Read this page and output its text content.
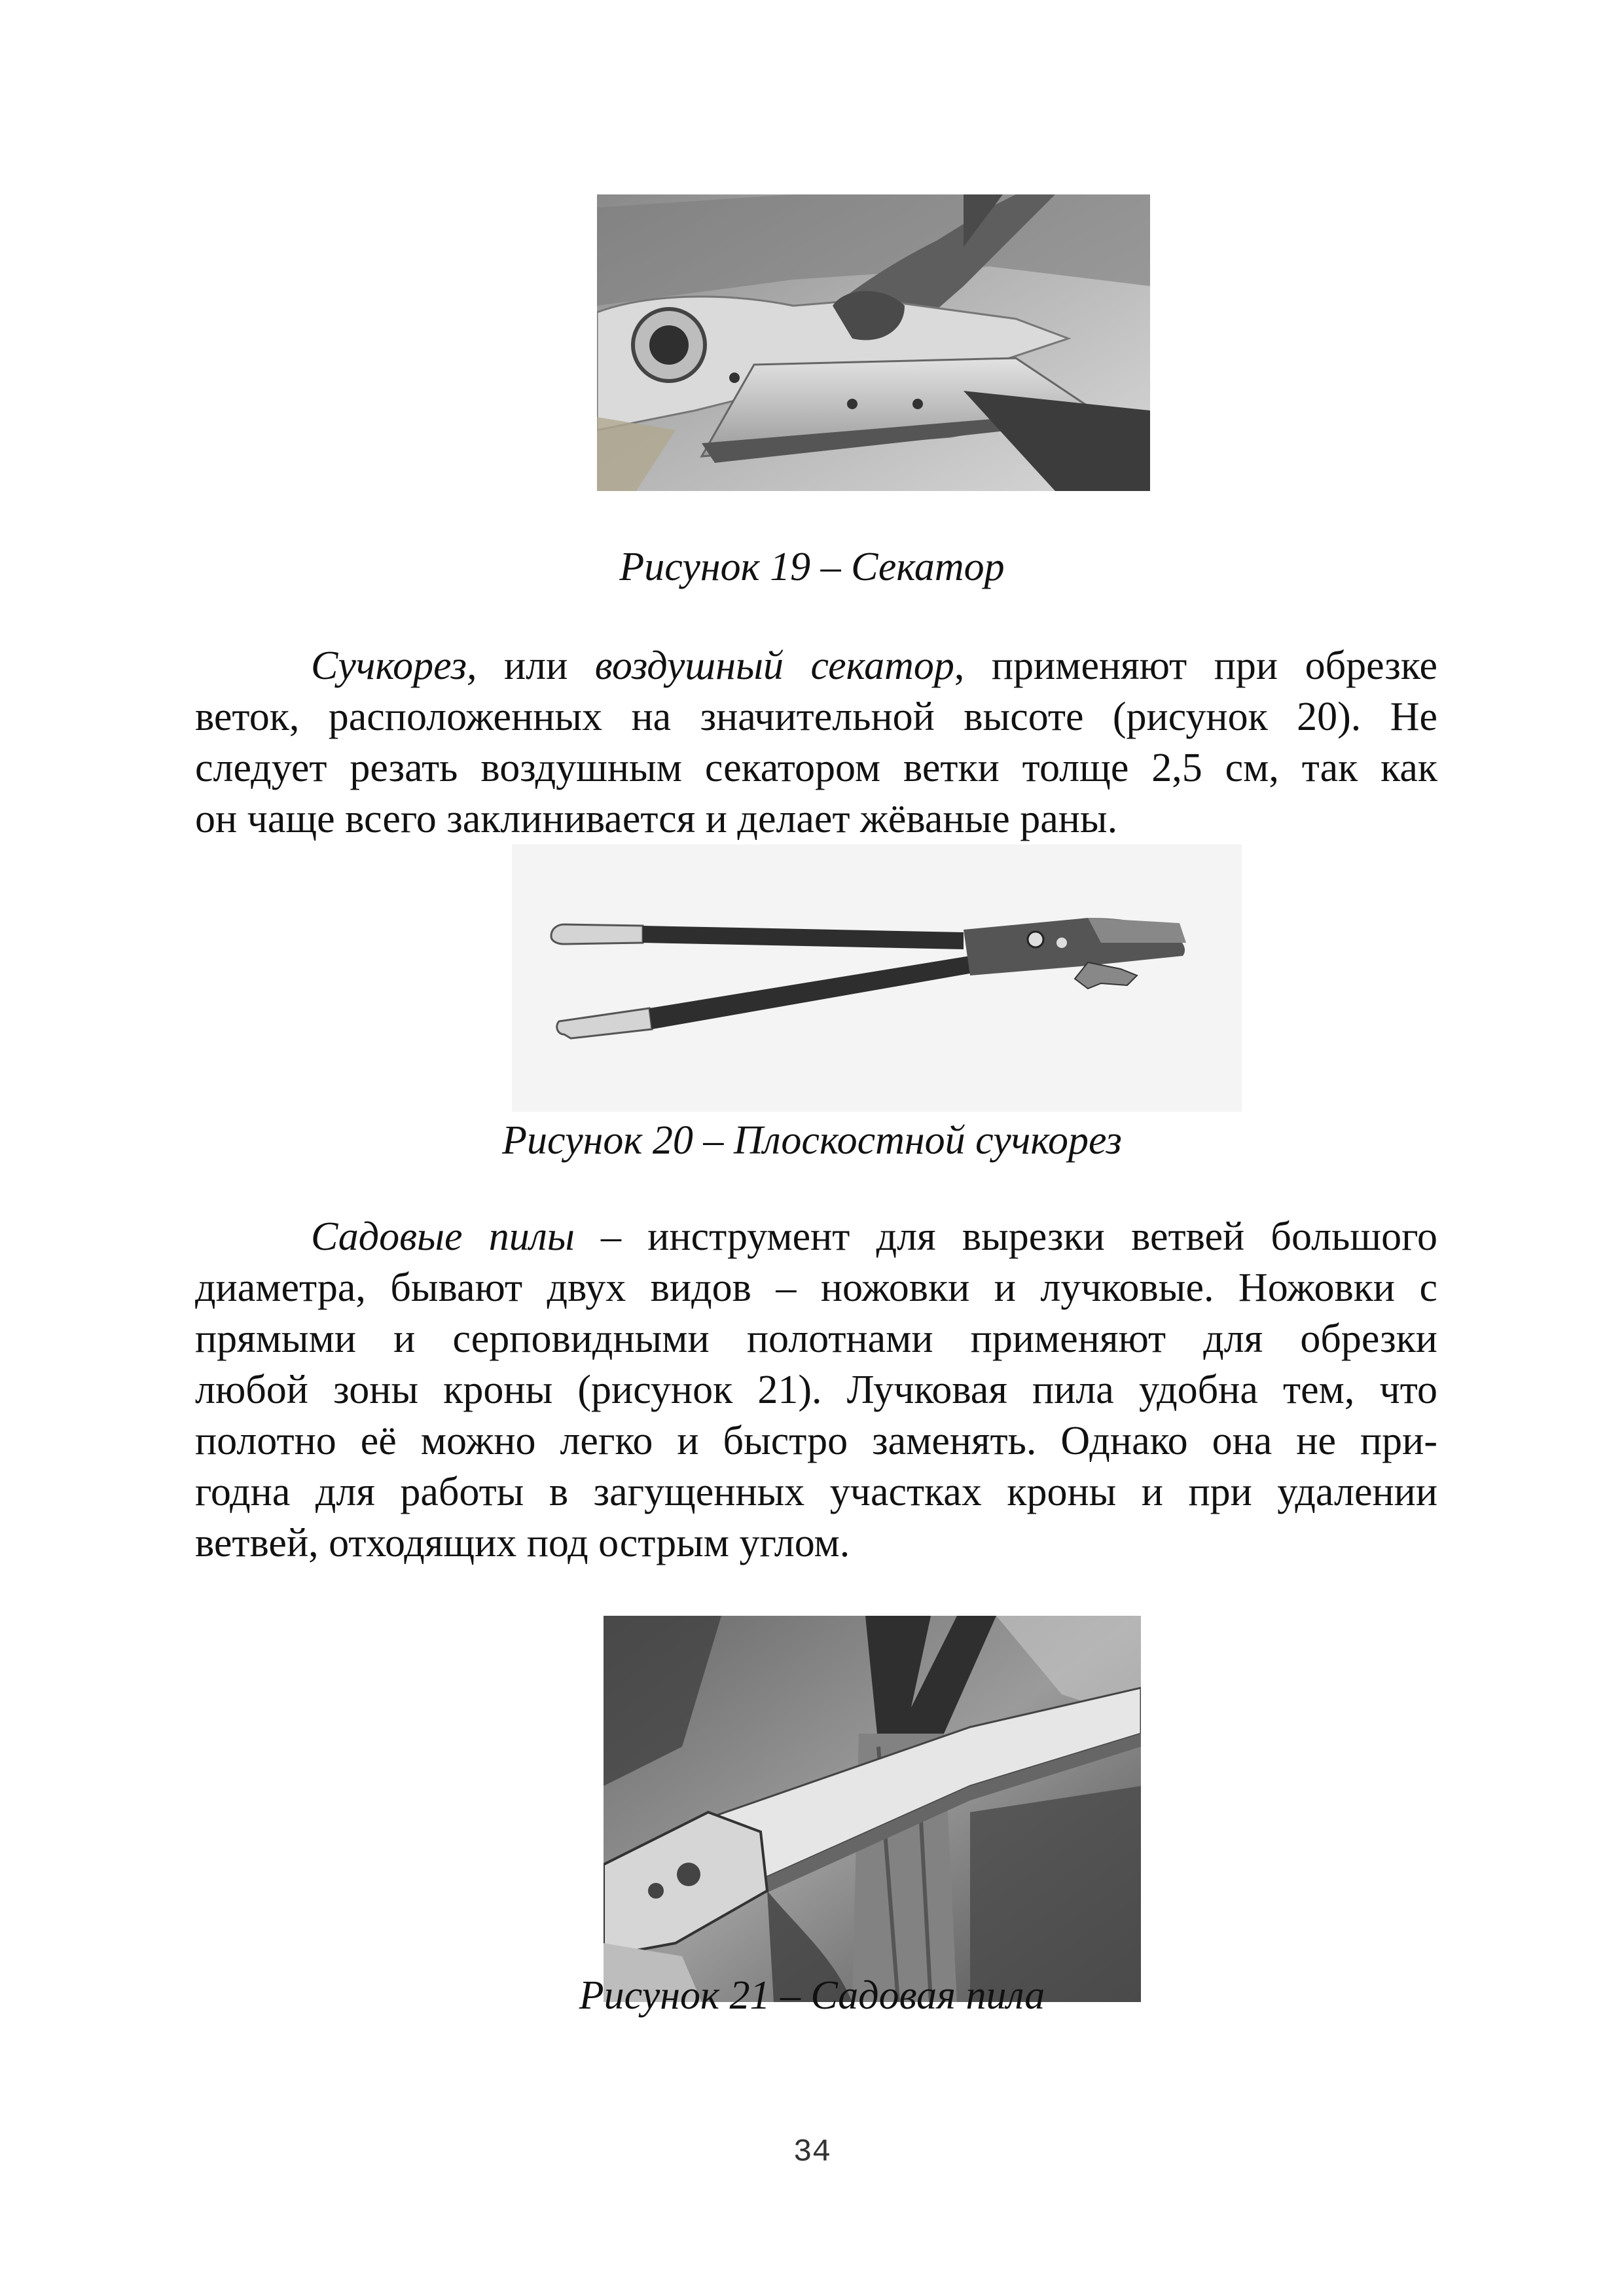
Рисунок 19 – Секатор
Сучкорез, или воздушный секатор, применяют при обрезке
веток, расположенных на значительной высоте (рисунок 20). Не
следует резать воздушным секатором ветки толще 2,5 см, так как
он чаще всего заклинивается и делает жёваные раны.
Рисунок 20 – Плоскостной сучкорез
Садовые пилы – инструмент для вырезки ветвей большого
диаметра, бывают двух видов – ножовки и лучковые. Ножовки с
прямыми и серповидными полотнами применяют для обрезки
любой зоны кроны (рисунок 21). Лучковая пила удобна тем, что
полотно её можно легко и быстро заменять. Однако она не при-
годна для работы в загущенных участках кроны и при удалении
ветвей, отходящих под острым углом.
Рисунок 21 – Садовая пила
34
